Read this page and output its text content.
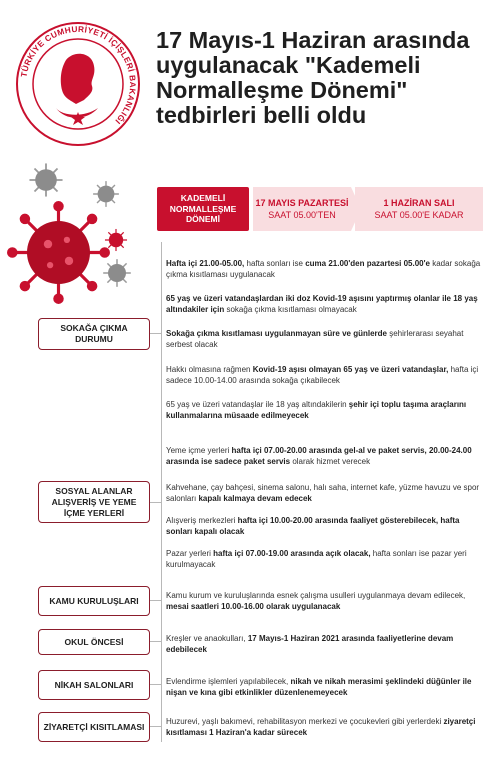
TÜRKİYE CUMHURİYETİ İÇİŞLERİ BAKANLIĞI
17 Mayıs-1 Haziran arasında uygulanacak "Kademeli Normalleşme Dönemi" tedbirleri belli oldu
KADEMELİ NORMALLEŞME DÖNEMİ
17 MAYIS PAZARTESİ
SAAT 05.00'TEN
1 HAZİRAN SALI
SAAT 05.00'E KADAR
SOKAĞA ÇIKMA DURUMU
Hafta içi 21.00-05.00, hafta sonları ise cuma 21.00'den pazartesi 05.00'e kadar sokağa çıkma kısıtlaması uygulanacak
65 yaş ve üzeri vatandaşlardan iki doz Kovid-19 aşısını yaptırmış olanlar ile 18 yaş altındakiler için sokağa çıkma kısıtlaması olmayacak
Sokağa çıkma kısıtlaması uygulanmayan süre ve günlerde şehirlerarası seyahat serbest olacak
Hakkı olmasına rağmen Kovid-19 aşısı olmayan 65 yaş ve üzeri vatandaşlar, hafta içi sadece 10.00-14.00 arasında sokağa çıkabilecek
65 yaş ve üzeri vatandaşlar ile 18 yaş altındakilerin şehir içi toplu taşıma araçlarını kullanmalarına müsaade edilmeyecek
SOSYAL ALANLAR ALIŞVERİŞ VE YEME İÇME YERLERİ
Yeme içme yerleri hafta içi 07.00-20.00 arasında gel-al ve paket servis, 20.00-24.00 arasında ise sadece paket servis olarak hizmet verecek
Kahvehane, çay bahçesi, sinema salonu, halı saha, internet kafe, yüzme havuzu ve spor salonları kapalı kalmaya devam edecek
Alışveriş merkezleri hafta içi 10.00-20.00 arasında faaliyet gösterebilecek, hafta sonları kapalı olacak
Pazar yerleri hafta içi 07.00-19.00 arasında açık olacak, hafta sonları ise pazar yeri kurulmayacak
KAMU KURULUŞLARI	Kamu kurum ve kuruluşlarında esnek çalışma usulleri uygulanmaya devam edilecek, mesai saatleri 10.00-16.00 olarak uygulanacak
OKUL ÖNCESİ	Kreşler ve anaokulları, 17 Mayıs-1 Haziran 2021 arasında faaliyetlerine devam edebilecek
NİKAH SALONLARI	Evlendirme işlemleri yapılabilecek, nikah ve nikah merasimi şeklindeki düğünler ile nişan ve kına gibi etkinlikler düzenlenemeyecek
ZİYARETÇİ KISITLAMASI	Huzurevi, yaşlı bakımevi, rehabilitasyon merkezi ve çocukevleri gibi yerlerdeki ziyaretçi kısıtlaması 1 Haziran'a kadar sürecek
